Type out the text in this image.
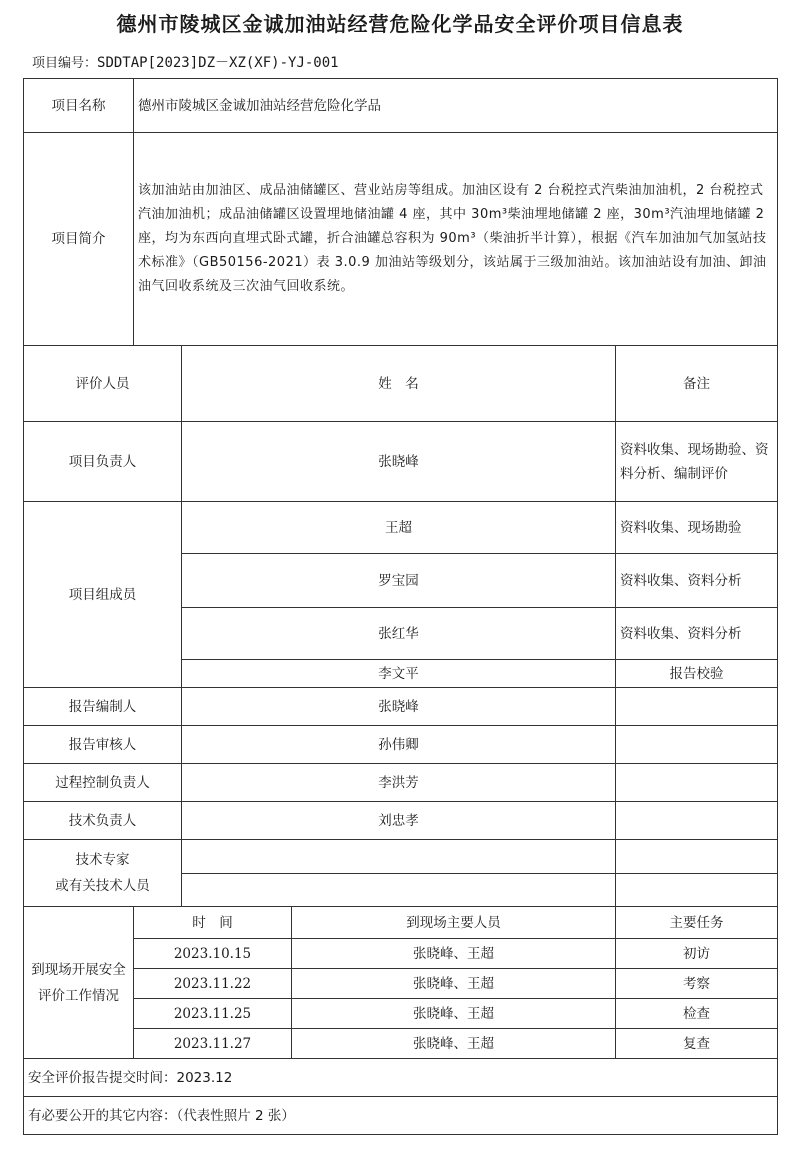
德州市陵城区金诚加油站经营危险化学品安全评价项目信息表
项目编号：SDDTAP[2023]DZ－XZ(XF)-YJ-001
项目名称	德州市陵城区金诚加油站经营危险化学品			
项目简介	该加油站由加油区、成品油储罐区、营业站房等组成。加油区设有 2 台税控式汽柴油加油机，2 台税控式汽油加油机；成品油储罐区设置埋地储油罐 4 座，其中 30m³柴油埋地储罐 2 座，30m³汽油埋地储罐 2 座，均为东西向直埋式卧式罐，折合油罐总容积为 90m³（柴油折半计算），根据《汽车加油加气加氢站技术标准》（GB50156-2021）表 3.0.9 加油站等级划分，该站属于三级加油站。该加油站设有加油、卸油油气回收系统及三次油气回收系统。			
评价人员		姓　名		备注
项目负责人		张晓峰		资料收集、现场勘验、资料分析、编制评价
项目组成员		王超		资料收集、现场勘验
		罗宝园		资料收集、资料分析
		张红华		资料收集、资料分析
		李文平		报告校验
报告编制人		张晓峰		
报告审核人		孙伟卿		
过程控制负责人		李洪芳		
技术负责人		刘忠孝		

技术专家
或有关技术人员				

到现场开展安全
评价工作情况	时　间		到现场主要人员	主要任务
	2023.10.15		张晓峰、王超	初访
	2023.11.22		张晓峰、王超	考察
	2023.11.25		张晓峰、王超	检查
	2023.11.27		张晓峰、王超	复查
安全评价报告提交时间：2023.12				
有必要公开的其它内容：（代表性照片 2 张）				
